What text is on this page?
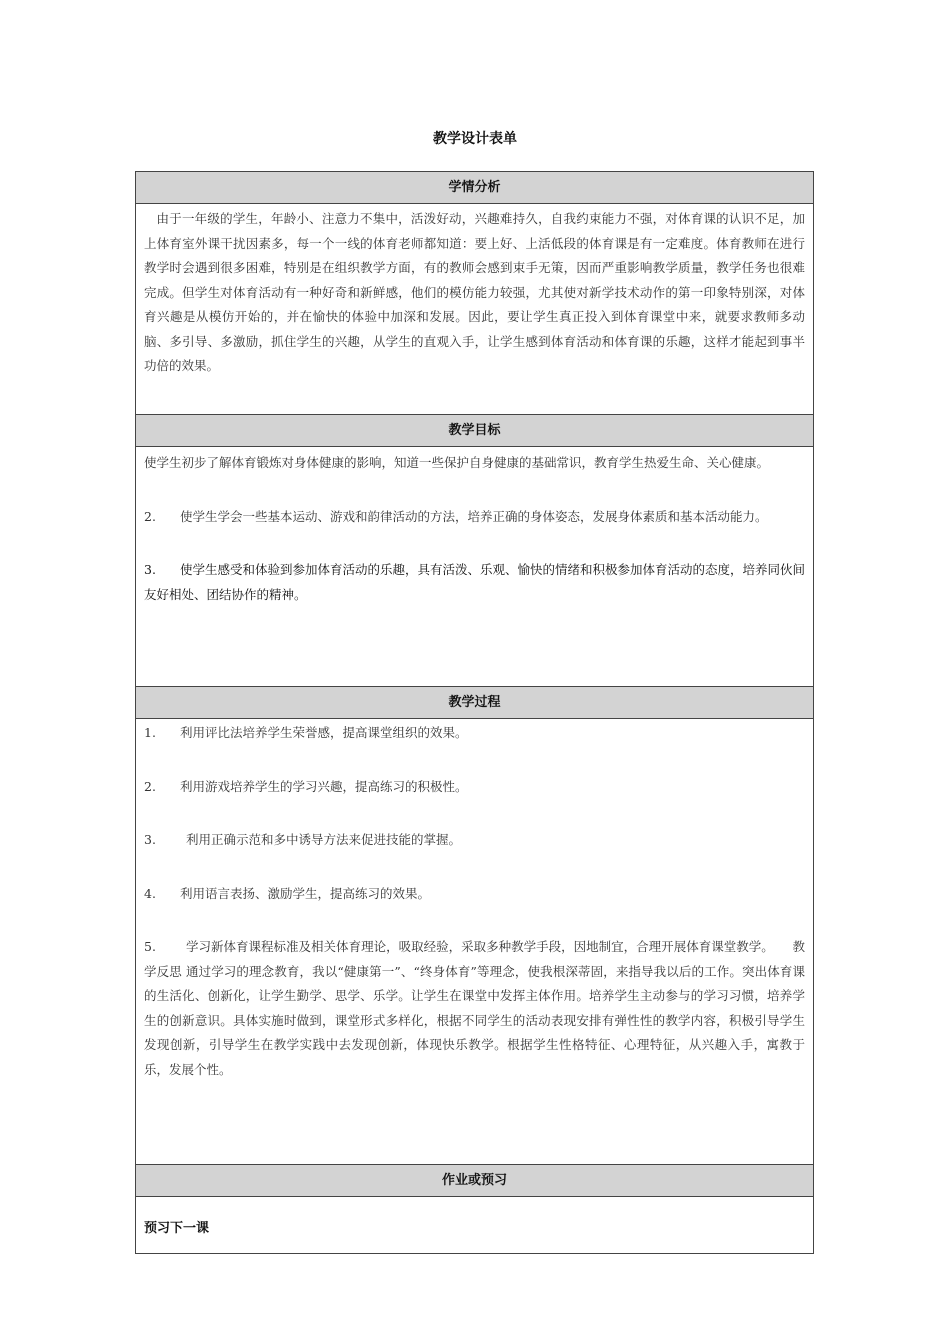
教学设计表单
学情分析

由于一年级的学生，年龄小、注意力不集中，活泼好动，兴趣难持久，自我约束能力不强，对体育课的认识不足，加上体育室外课干扰因素多，每一个一线的体育老师都知道：要上好、上活低段的体育课是有一定难度。体育教师在进行教学时会遇到很多困难，特别是在组织教学方面，有的教师会感到束手无策，因而严重影响教学质量，教学任务也很难完成。但学生对体育活动有一种好奇和新鲜感，他们的模仿能力较强，尤其使对新学技术动作的第一印象特别深，对体育兴趣是从模仿开始的，并在愉快的体验中加深和发展。因此，要让学生真正投入到体育课堂中来，就要求教师多动脑、多引导、多激励，抓住学生的兴趣，从学生的直观入手，让学生感到体育活动和体育课的乐趣，这样才能起到事半功倍的效果。

教学目标

使学生初步了解体育锻炼对身体健康的影响，知道一些保护自身健康的基础常识，教育学生热爱生命、关心健康。

2. 使学生学会一些基本运动、游戏和韵律活动的方法，培养正确的身体姿态，发展身体素质和基本活动能力。

3. 使学生感受和体验到参加体育活动的乐趣，具有活泼、乐观、愉快的情绪和积极参加体育活动的态度，培养同伙间友好相处、团结协作的精神。

教学过程

1. 利用评比法培养学生荣誉感，提高课堂组织的效果。

2. 利用游戏培养学生的学习兴趣，提高练习的积极性。

3. 利用正确示范和多中诱导方法来促进技能的掌握。

4. 利用语言表扬、激励学生，提高练习的效果。

5. 学习新体育课程标准及相关体育理论，吸取经验，采取多种教学手段，因地制宜，合理开展体育课堂教学。　　教学反思 通过学习的理念教育，我以“健康第一”、“终身体育”等理念，使我根深蒂固，来指导我以后的工作。突出体育课的生活化、创新化，让学生勤学、思学、乐学。让学生在课堂中发挥主体作用。培养学生主动参与的学习习惯，培养学生的创新意识。具体实施时做到，课堂形式多样化，根据不同学生的活动表现安排有弹性性的教学内容，积极引导学生发现创新，引导学生在教学实践中去发现创新，体现快乐教学。根据学生性格特征、心理特征，从兴趣入手，寓教于乐，发展个性。

作业或预习

预习下一课
